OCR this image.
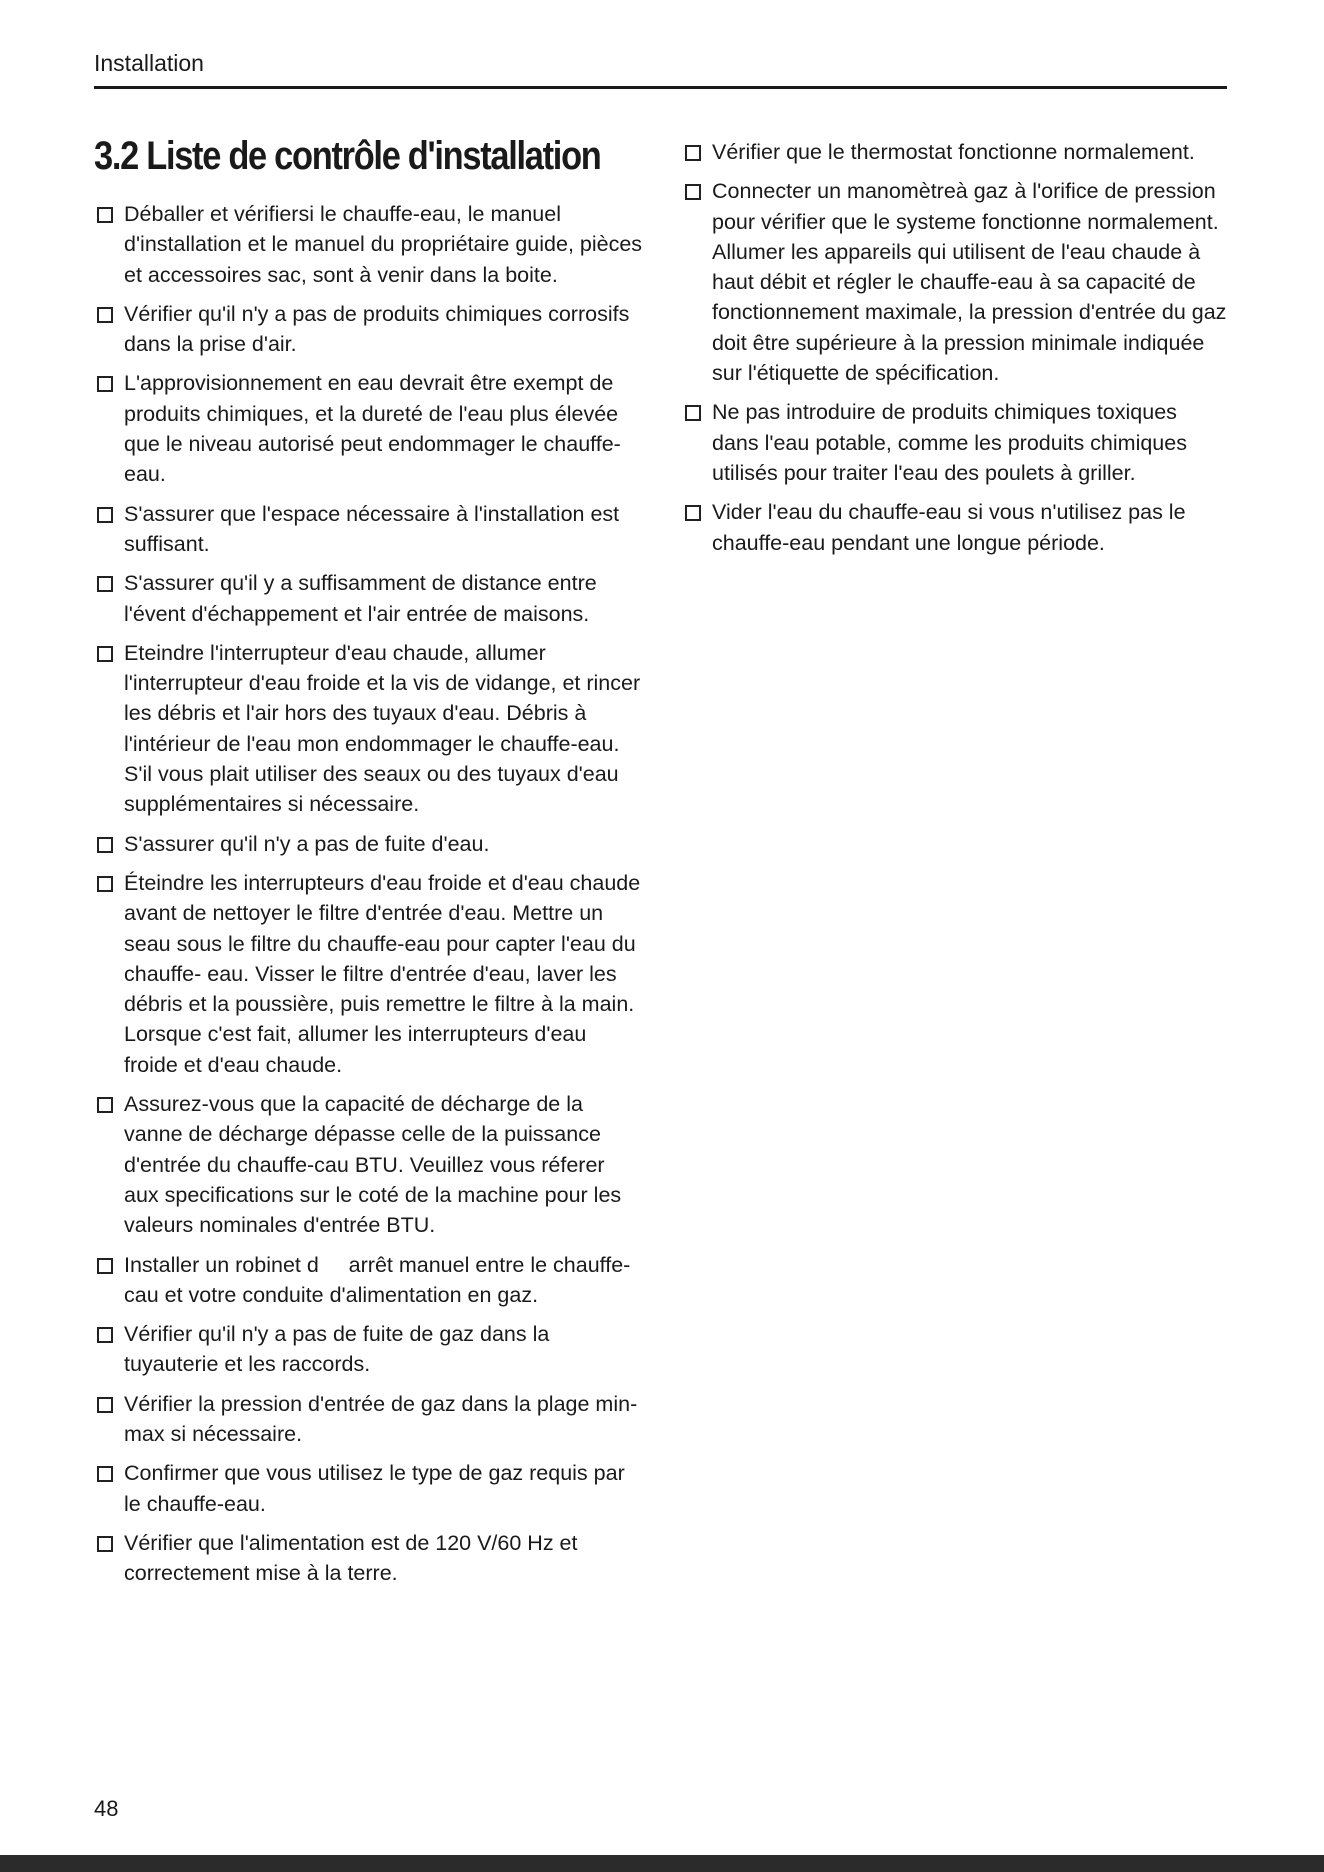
Installation
3.2 Liste de contrôle d'installation
Déballer et vérifiersi le chauffe-eau, le manuel d'installation et le manuel du propriétaire guide, pièces et accessoires sac, sont à venir dans la boite.
Vérifier qu'il n'y a pas de produits chimiques corrosifs dans la prise d'air.
L'approvisionnement en eau devrait être exempt de produits chimiques, et la dureté de l'eau plus élevée que le niveau autorisé peut endommager le chauffe-eau.
S'assurer que l'espace nécessaire à l'installation est suffisant.
S'assurer qu'il y a suffisamment de distance entre l'évent d'échappement et l'air entrée de maisons.
Eteindre l'interrupteur d'eau chaude, allumer l'interrupteur d'eau froide et la vis de vidange, et rincer les débris et l'air hors des tuyaux d'eau. Débris à l'intérieur de l'eau mon endommager le chauffe-eau. S'il vous plait utiliser des seaux ou des tuyaux d'eau supplémentaires si nécessaire.
S'assurer qu'il n'y a pas de fuite d'eau.
Éteindre les interrupteurs d'eau froide et d'eau chaude avant de nettoyer le filtre d'entrée d'eau. Mettre un seau sous le filtre du chauffe-eau pour capter l'eau du chauffe- eau. Visser le filtre d'entrée d'eau, laver les débris et la poussière, puis remettre le filtre à la main. Lorsque c'est fait, allumer les interrupteurs d'eau froide et d'eau chaude.
Assurez-vous que la capacité de décharge de la vanne de décharge dépasse celle de la puissance d'entrée du chauffe-cau BTU. Veuillez vous réferer aux specifications sur le coté de la machine pour les valeurs nominales d'entrée BTU.
Installer un robinet d     arrêt manuel entre le chauffe-cau et votre conduite d'alimentation en gaz.
Vérifier qu'il n'y a pas de fuite de gaz dans la tuyauterie et les raccords.
Vérifier la pression d'entrée de gaz dans la plage min-max si nécessaire.
Confirmer que vous utilisez le type de gaz requis par le chauffe-eau.
Vérifier que l'alimentation est de 120 V/60 Hz et correctement mise à la terre.
Vérifier que le thermostat fonctionne normalement.
Connecter un manomètreà gaz à l'orifice de pression pour vérifier que le systeme fonctionne normalement. Allumer les appareils qui utilisent de l'eau chaude à haut débit et régler le chauffe-eau à sa capacité de fonctionnement maximale, la pression d'entrée du gaz doit être supérieure à la pression minimale indiquée sur l'étiquette de spécification.
Ne pas introduire de produits chimiques toxiques dans l'eau potable, comme les produits chimiques utilisés pour traiter l'eau des poulets à griller.
Vider l'eau du chauffe-eau si vous n'utilisez pas le chauffe-eau pendant une longue période.
48
